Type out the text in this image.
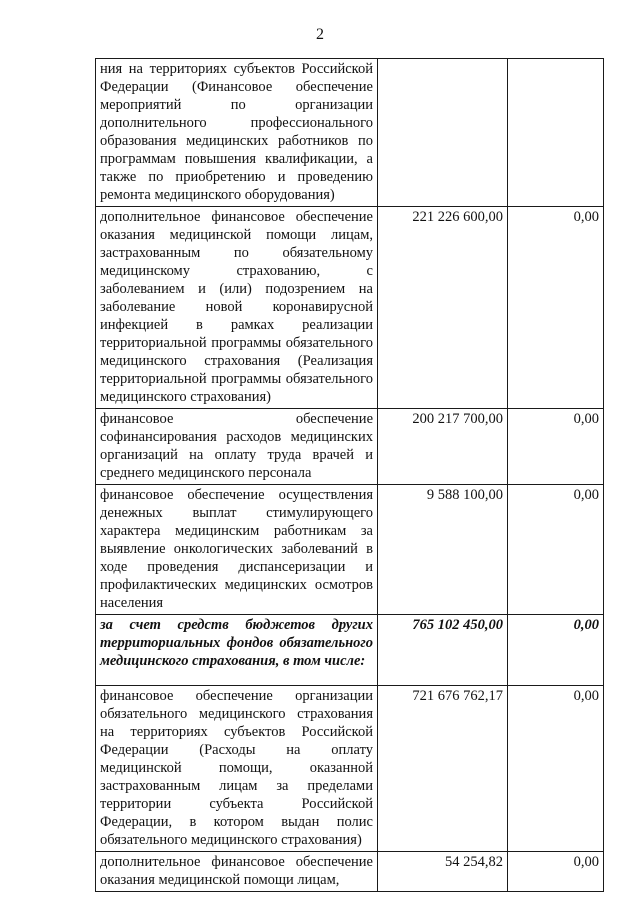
2
ния на территориях субъектов Российской Федерации (Финансовое обеспечение мероприятий по организации дополнительного профессионального образования медицинских работников по программам повышения квалификации, а также по приобретению и проведению ремонта медицинского оборудования)		
дополнительное финансовое обеспечение оказания медицинской помощи лицам, застрахованным по обязательному медицинскому страхованию, с заболеванием и (или) подозрением на заболевание новой коронавирусной инфекцией в рамках реализации территориальной программы обязательного медицинского страхования (Реализация территориальной программы обязательного медицинского страхования)	221 226 600,00	0,00
финансовое обеспечение софинансирования расходов медицинских организаций на оплату труда врачей и среднего медицинского персонала	200 217 700,00	0,00
финансовое обеспечение осуществления денежных выплат стимулирующего характера медицинским работникам за выявление онкологических заболеваний в ходе проведения диспансеризации и профилактических медицинских осмотров населения	9 588 100,00	0,00
за счет средств бюджетов других территориальных фондов обязательного медицинского страхования, в том числе:	765 102 450,00	0,00
финансовое обеспечение организации обязательного медицинского страхования на территориях субъектов Российской Федерации (Расходы на оплату медицинской помощи, оказанной застрахованным лицам за пределами территории субъекта Российской Федерации, в котором выдан полис обязательного медицинского страхования)	721 676 762,17	0,00
дополнительное финансовое обеспечение оказания медицинской помощи лицам,	54 254,82	0,00
